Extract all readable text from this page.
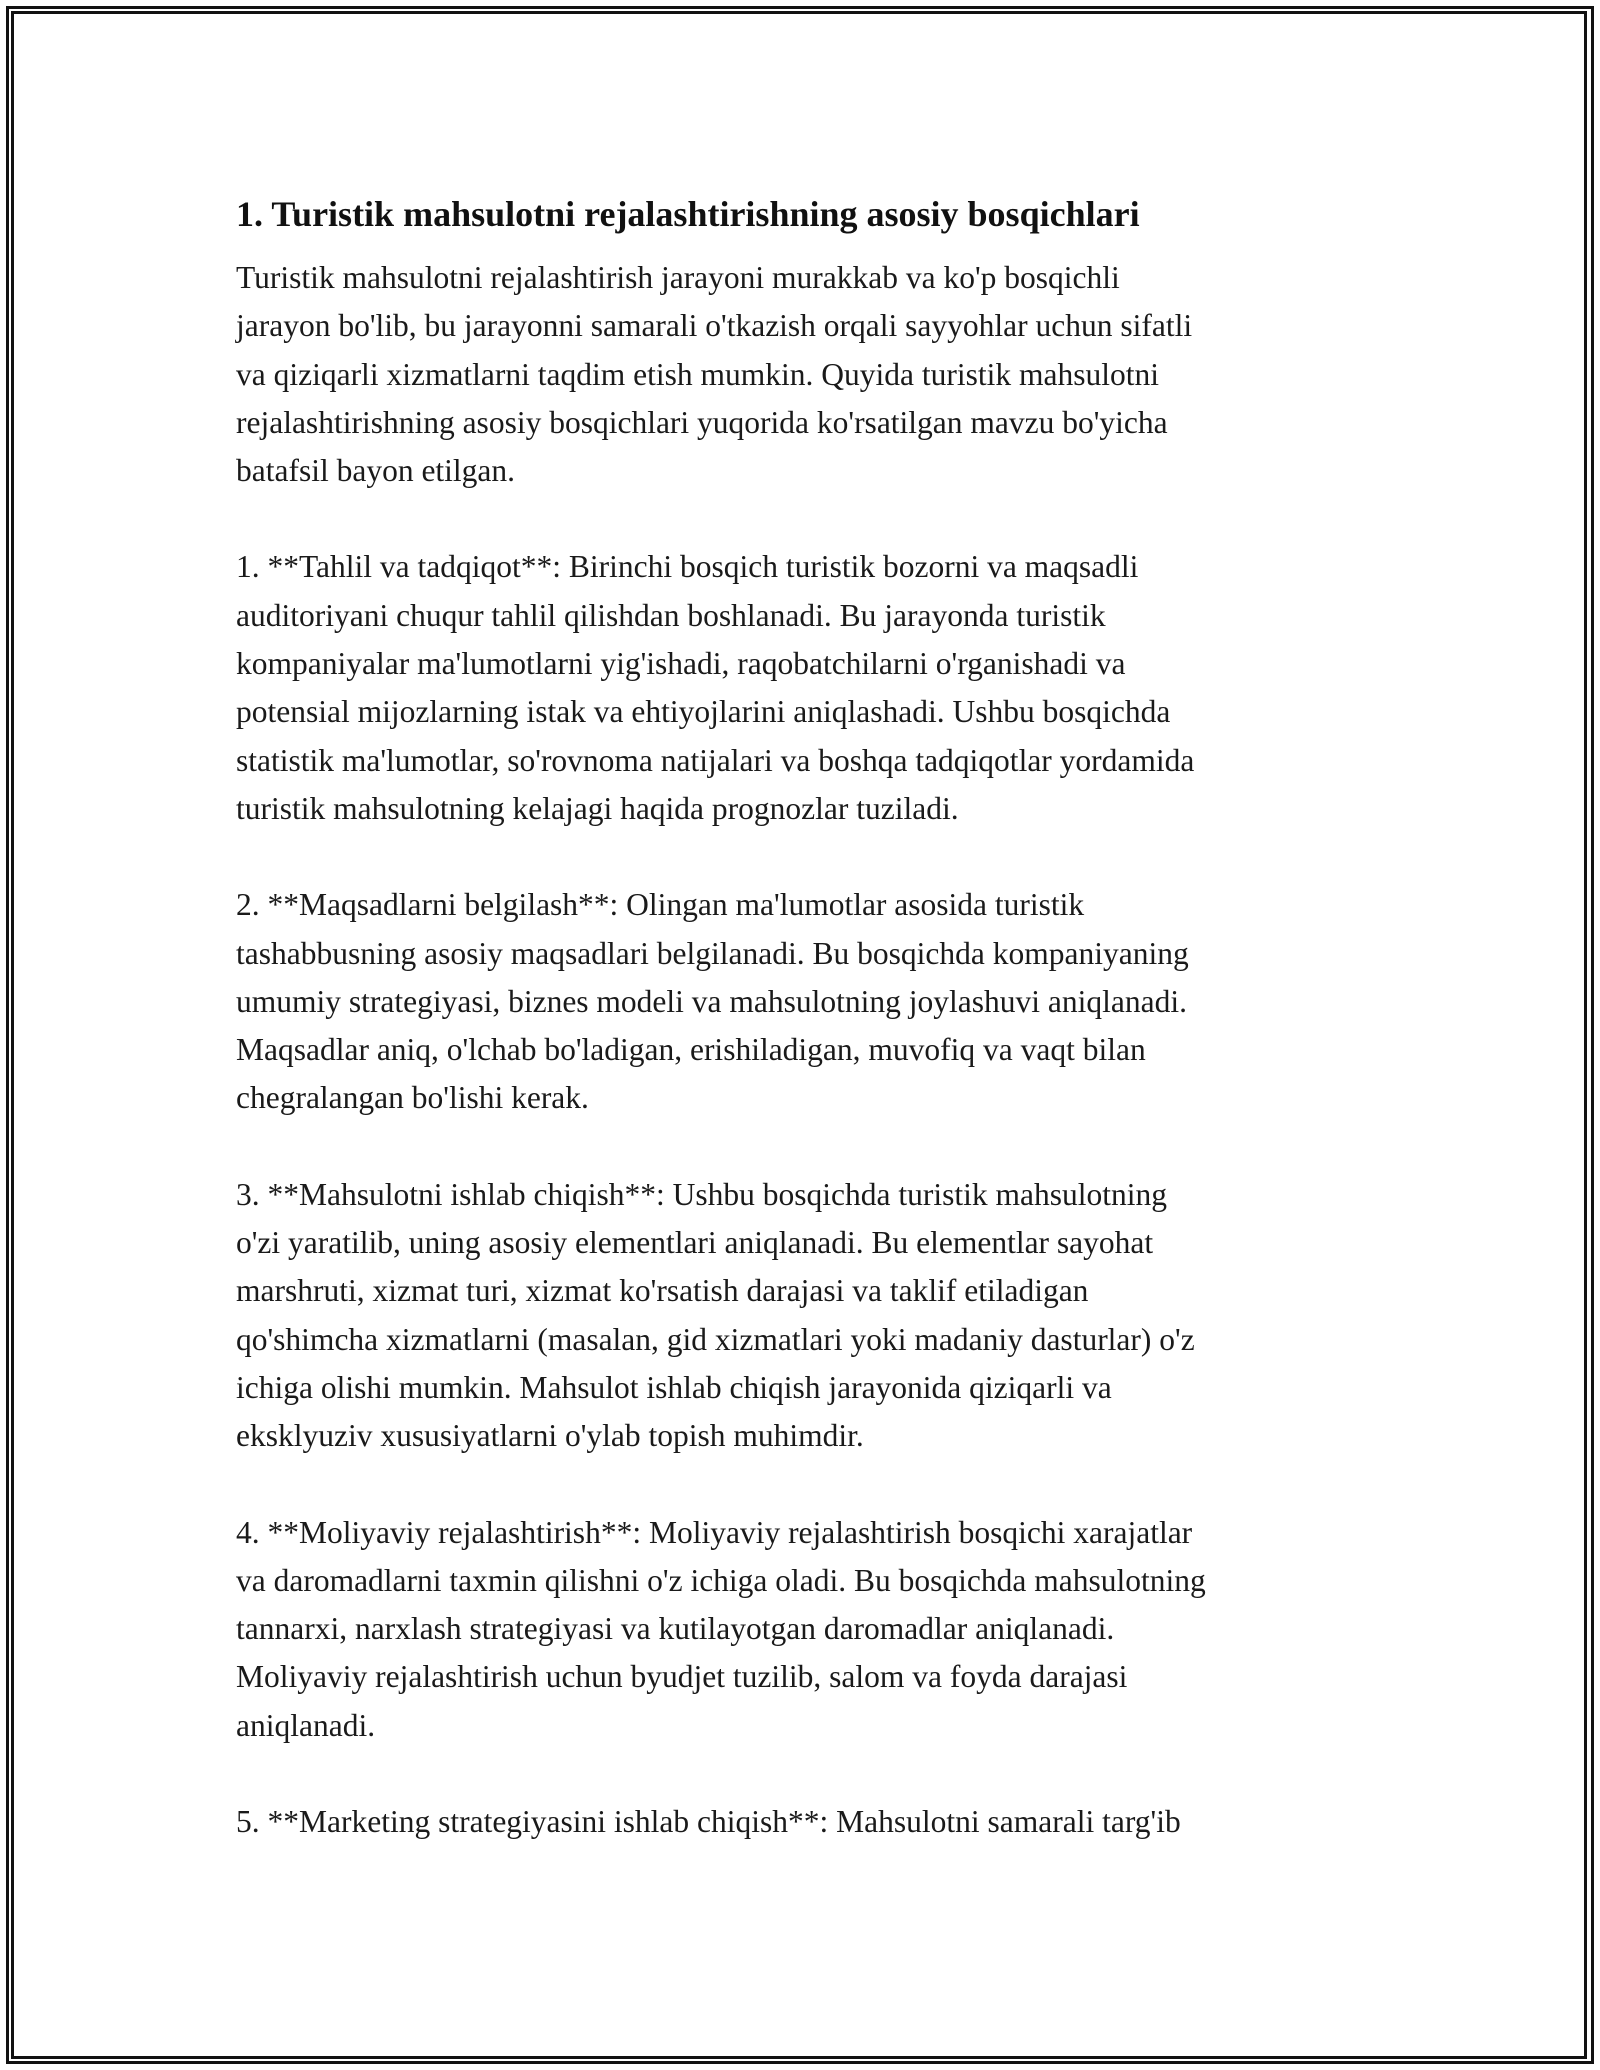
1. Turistik mahsulotni rejalashtirishning asosiy bosqichlari

Turistik mahsulotni rejalashtirish jarayoni murakkab va ko'p bosqichli
jarayon bo'lib, bu jarayonni samarali o'tkazish orqali sayyohlar uchun sifatli
va qiziqarli xizmatlarni taqdim etish mumkin. Quyida turistik mahsulotni
rejalashtirishning asosiy bosqichlari yuqorida ko'rsatilgan mavzu bo'yicha
batafsil bayon etilgan.

1. **Tahlil va tadqiqot**: Birinchi bosqich turistik bozorni va maqsadli
auditoriyani chuqur tahlil qilishdan boshlanadi. Bu jarayonda turistik
kompaniyalar ma'lumotlarni yig'ishadi, raqobatchilarni o'rganishadi va
potensial mijozlarning istak va ehtiyojlarini aniqlashadi. Ushbu bosqichda
statistik ma'lumotlar, so'rovnoma natijalari va boshqa tadqiqotlar yordamida
turistik mahsulotning kelajagi haqida prognozlar tuziladi.

2. **Maqsadlarni belgilash**: Olingan ma'lumotlar asosida turistik
tashabbusning asosiy maqsadlari belgilanadi. Bu bosqichda kompaniyaning
umumiy strategiyasi, biznes modeli va mahsulotning joylashuvi aniqlanadi.
Maqsadlar aniq, o'lchab bo'ladigan, erishiladigan, muvofiq va vaqt bilan
chegralangan bo'lishi kerak.

3. **Mahsulotni ishlab chiqish**: Ushbu bosqichda turistik mahsulotning
o'zi yaratilib, uning asosiy elementlari aniqlanadi. Bu elementlar sayohat
marshruti, xizmat turi, xizmat ko'rsatish darajasi va taklif etiladigan
qo'shimcha xizmatlarni (masalan, gid xizmatlari yoki madaniy dasturlar) o'z
ichiga olishi mumkin. Mahsulot ishlab chiqish jarayonida qiziqarli va
eksklyuziv xususiyatlarni o'ylab topish muhimdir.

4. **Moliyaviy rejalashtirish**: Moliyaviy rejalashtirish bosqichi xarajatlar
va daromadlarni taxmin qilishni o'z ichiga oladi. Bu bosqichda mahsulotning
tannarxi, narxlash strategiyasi va kutilayotgan daromadlar aniqlanadi.
Moliyaviy rejalashtirish uchun byudjet tuzilib, salom va foyda darajasi
aniqlanadi.

5. **Marketing strategiyasini ishlab chiqish**: Mahsulotni samarali targ'ib
